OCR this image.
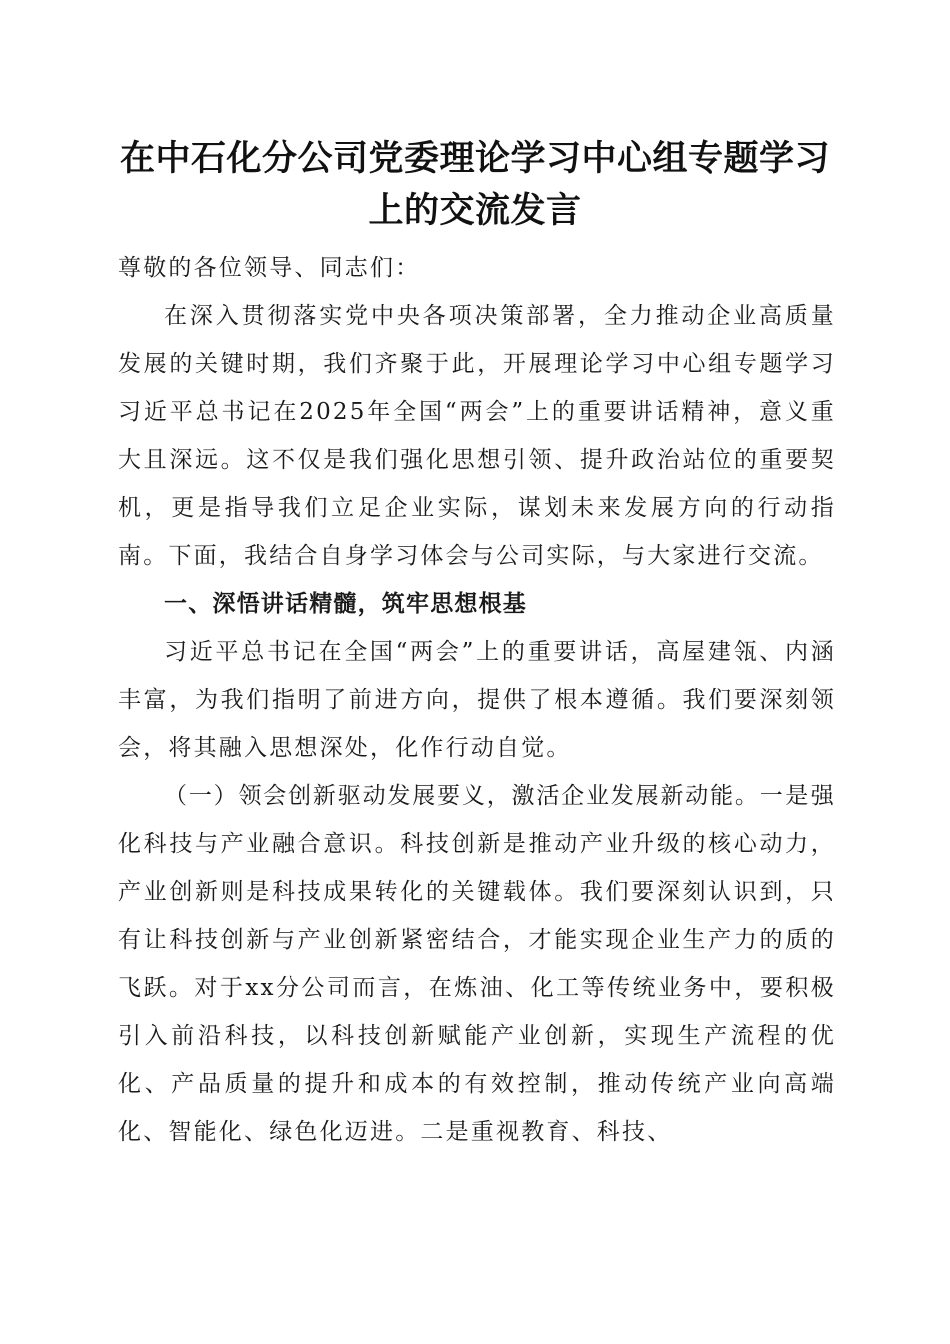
在中石化分公司党委理论学习中心组专题学习
上的交流发言

尊敬的各位领导、同志们：

在深入贯彻落实党中央各项决策部署，全力推动企业高质量发展的关键时期，我们齐聚于此，开展理论学习中心组专题学习习近平总书记在2025年全国“两会”上的重要讲话精神，意义重大且深远。这不仅是我们强化思想引领、提升政治站位的重要契机，更是指导我们立足企业实际，谋划未来发展方向的行动指南。下面，我结合自身学习体会与公司实际，与大家进行交流。

一、深悟讲话精髓，筑牢思想根基

习近平总书记在全国“两会”上的重要讲话，高屋建瓴、内涵丰富，为我们指明了前进方向，提供了根本遵循。我们要深刻领会，将其融入思想深处，化作行动自觉。

（一）领会创新驱动发展要义，激活企业发展新动能。一是强化科技与产业融合意识。科技创新是推动产业升级的核心动力，产业创新则是科技成果转化的关键载体。我们要深刻认识到，只有让科技创新与产业创新紧密结合，才能实现企业生产力的质的飞跃。对于xx分公司而言，在炼油、化工等传统业务中，要积极引入前沿科技，以科技创新赋能产业创新，实现生产流程的优化、产品质量的提升和成本的有效控制，推动传统产业向高端化、智能化、绿色化迈进。二是重视教育、科技、
